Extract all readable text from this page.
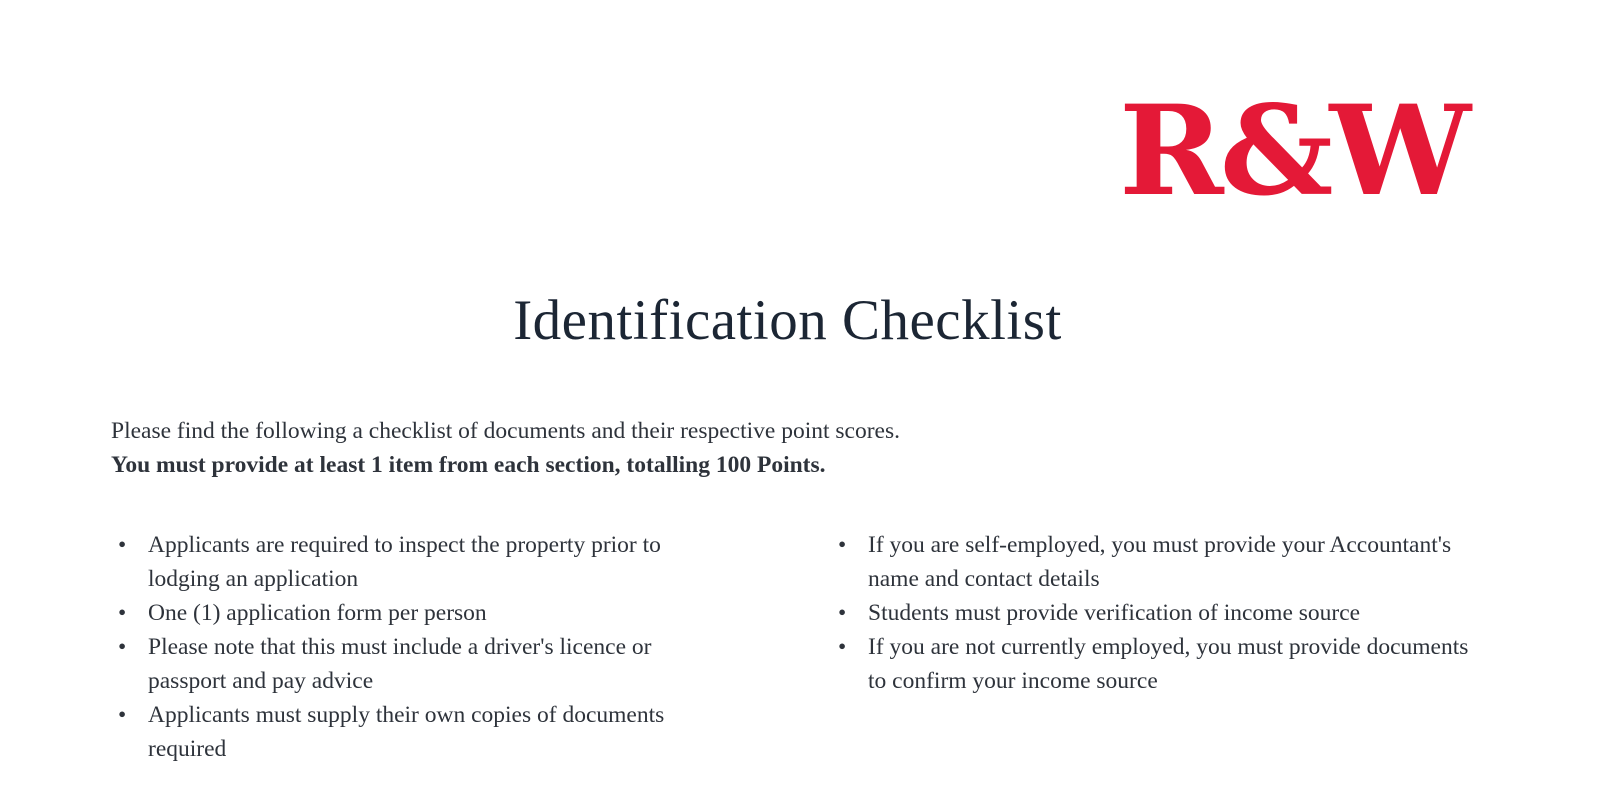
R&W
Identification Checklist
Please find the following a checklist of documents and their respective point scores.
You must provide at least 1 item from each section, totalling 100 Points.
• Applicants are required to inspect the property prior to lodging an application
• One (1) application form per person
• Please note that this must include a driver's licence or passport and pay advice
• Applicants must supply their own copies of documents required
• If you are self-employed, you must provide your Accountant's name and contact details
• Students must provide verification of income source
• If you are not currently employed, you must provide documents to confirm your income source
